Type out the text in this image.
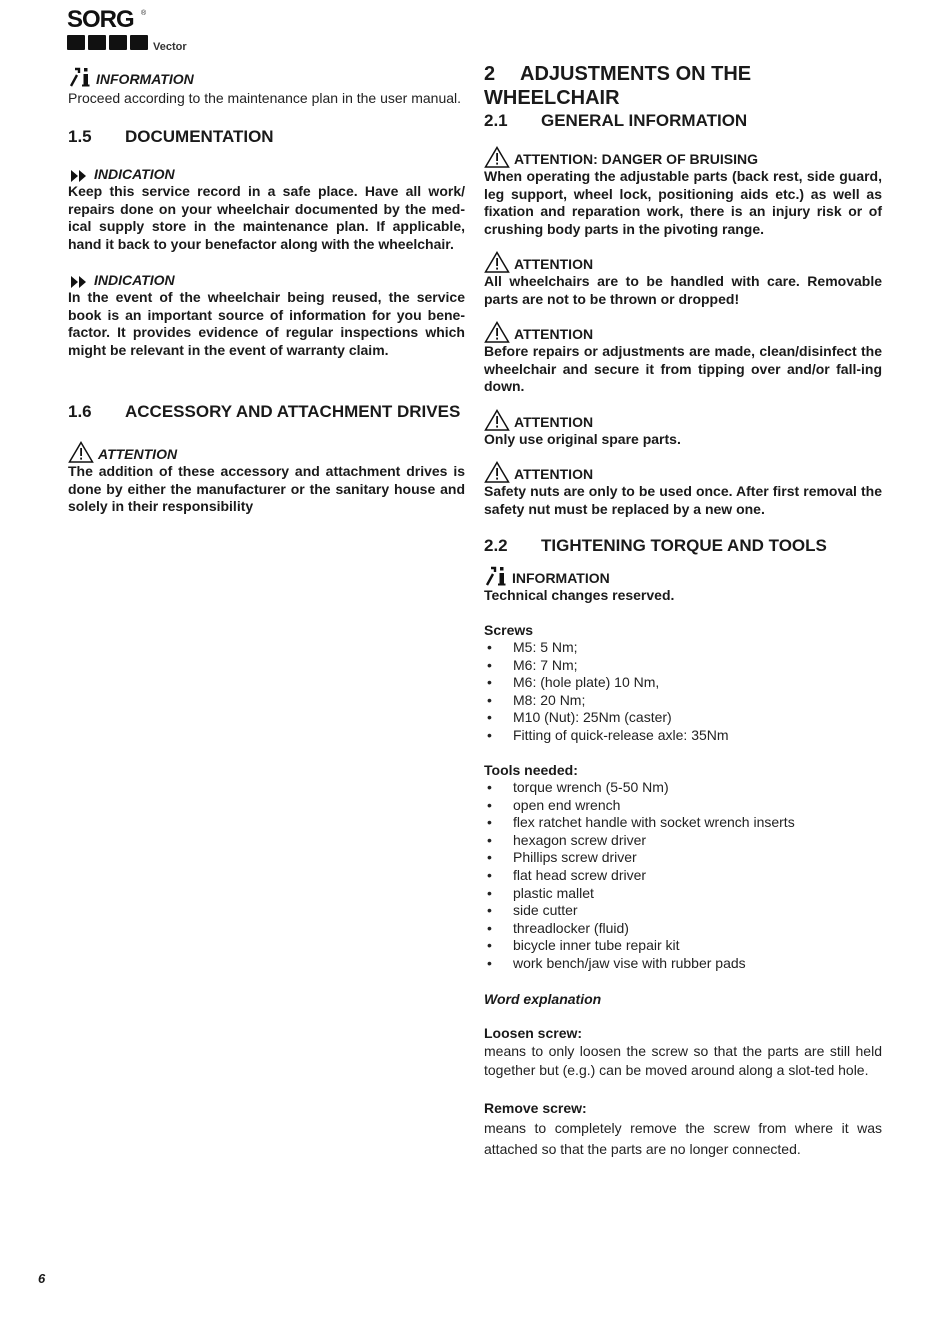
SORG ®
Vector
INFORMATION

Proceed according to the maintenance plan in the user manual.

1.5 DOCUMENTATION
INDICATION

Keep this service record in a safe place. Have all work/ repairs done on your wheelchair documented by the med-ical supply store in the maintenance plan. If applicable, hand it back to your benefactor along with the wheelchair.

INDICATION

In the event of the wheelchair being reused, the service book is an important source of information for you bene-factor. It provides evidence of regular inspections which might be relevant in the event of warranty claim.

1.6 ACCESSORY AND ATTACHMENT DRIVES
ATTENTION

The addition of these accessory and attachment drives is done by either the manufacturer or the sanitary house and solely in their responsibility

2 ADJUSTMENTS ON THE WHEELCHAIR
2.1 GENERAL INFORMATION
ATTENTION: DANGER OF BRUISING

When operating the adjustable parts (back rest, side guard, leg support, wheel lock, positioning aids etc.) as well as fixation and reparation work, there is an injury risk or of crushing body parts in the pivoting range.

ATTENTION

All wheelchairs are to be handled with care. Removable parts are not to be thrown or dropped!

ATTENTION

Before repairs or adjustments are made, clean/disinfect the wheelchair and secure it from tipping over and/or fall-ing down.

ATTENTION

Only use original spare parts.

ATTENTION

Safety nuts are only to be used once. After first removal the safety nut must be replaced by a new one.

2.2 TIGHTENING TORQUE AND TOOLS
INFORMATION

Technical changes reserved.

Screws

• M5: 5 Nm;
• M6: 7 Nm;
• M6: (hole plate) 10 Nm,
• M8: 20 Nm;
• M10 (Nut): 25Nm (caster)
• Fitting of quick-release axle: 35Nm

Tools needed:

• torque wrench (5-50 Nm)
• open end wrench
• flex ratchet handle with socket wrench inserts
• hexagon screw driver
• Phillips screw driver
• flat head screw driver
• plastic mallet
• side cutter
• threadlocker (fluid)
• bicycle inner tube repair kit
• work bench/jaw vise with rubber pads

Word explanation

Loosen screw:

means to only loosen the screw so that the parts are still held together but (e.g.) can be moved around along a slot-ted hole.

Remove screw:

means to completely remove the screw from where it was attached so that the parts are no longer connected.

6
